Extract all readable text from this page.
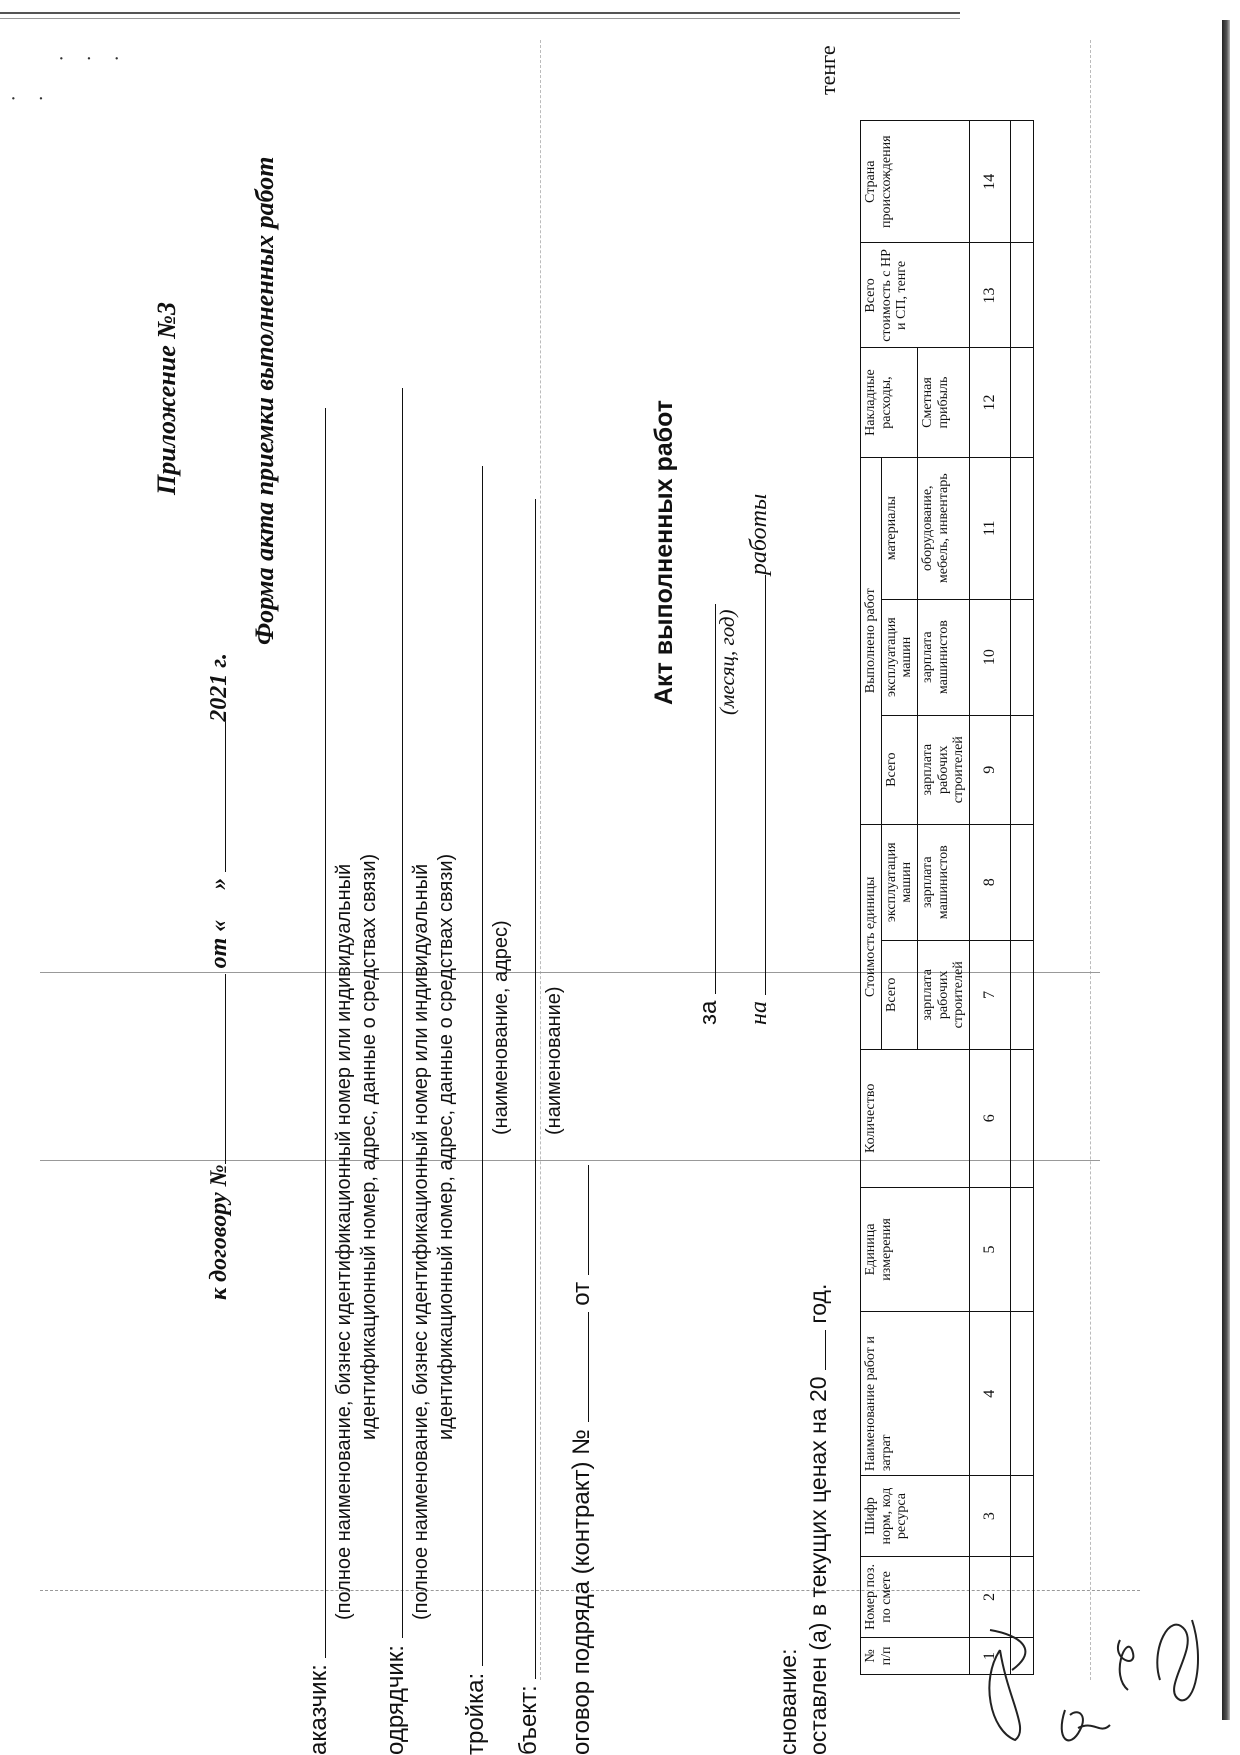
· · ·
· ·
Приложение №3
к договору № от «» 2021 г.
Форма акта приемки выполненных работ
аказчик:
(полное наименование, бизнес идентификационный номер или индивидуальный идентификационный номер, адрес, данные о средствах связи)
одрядчик:
(полное наименование, бизнес идентификационный номер или индивидуальный идентификационный номер, адрес, данные о средствах связи)
тройка:
(наименование, адрес)
бъект:
(наименование)
оговор подряда (контракт) №  от
Акт выполненных работ
за
(месяц, год)
на работы
снование: оставлен (а) в текущих ценах на 20  год.
тенге
№ п/п	Номер поз. по смете	Шифр норм, код ресурса	Наименование работ и затрат	Единица измерения	Количество	Стоимость единицы		Выполнено работ			Накладные расходы,	Всего стоимость с НР и СП, тенге	Страна происхождения
						Всего	эксплуатация машин	Всего	эксплуатация машин	материалы			
						зарплата рабочих строителей	зарплата машинистов	зарплата рабочих строителей	зарплата машинистов	оборудование, мебель, инвентарь	Сметная прибыль		
1	2	3	4	5	6	7	8	9	10	11	12	13	14
